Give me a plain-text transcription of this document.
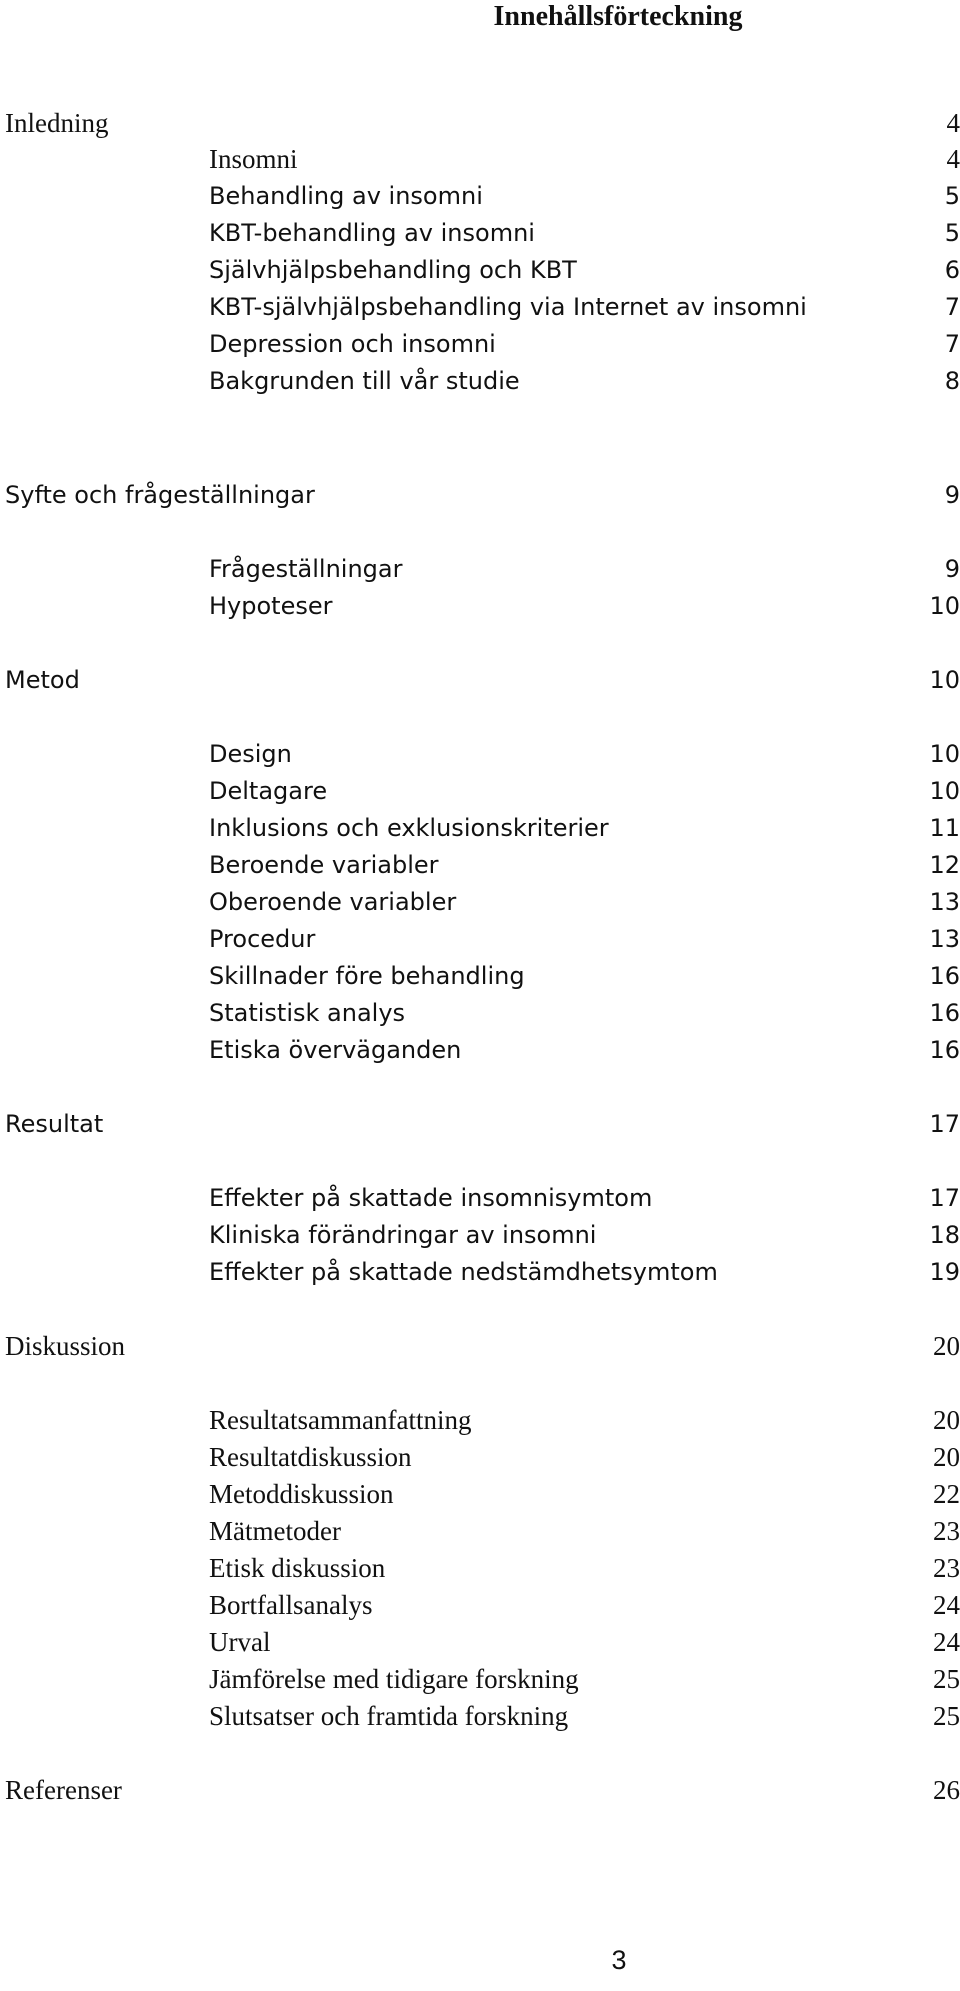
Innehållsförteckning
Inledning	4
Insomni	4
Behandling av insomni	5
KBT-behandling av insomni	5
Självhjälpsbehandling och KBT	6
KBT-självhjälpsbehandling via Internet av insomni	7
Depression och insomni	7
Bakgrunden till vår studie	8
Syfte och frågeställningar	9
Frågeställningar	9
Hypoteser	10
Metod	10
Design	10
Deltagare	10
Inklusions och exklusionskriterier	11
Beroende variabler	12
Oberoende variabler	13
Procedur	13
Skillnader före behandling	16
Statistisk analys	16
Etiska överväganden	16
Resultat	17
Effekter på skattade insomnisymtom	17
Kliniska förändringar av insomni	18
Effekter på skattade nedstämdhetsymtom	19
Diskussion	20
Resultatsammanfattning	20
Resultatdiskussion	20
Metoddiskussion	22
Mätmetoder	23
Etisk diskussion	23
Bortfallsanalys	24
Urval	24
Jämförelse med tidigare forskning	25
Slutsatser och framtida forskning	25
Referenser	26
3
